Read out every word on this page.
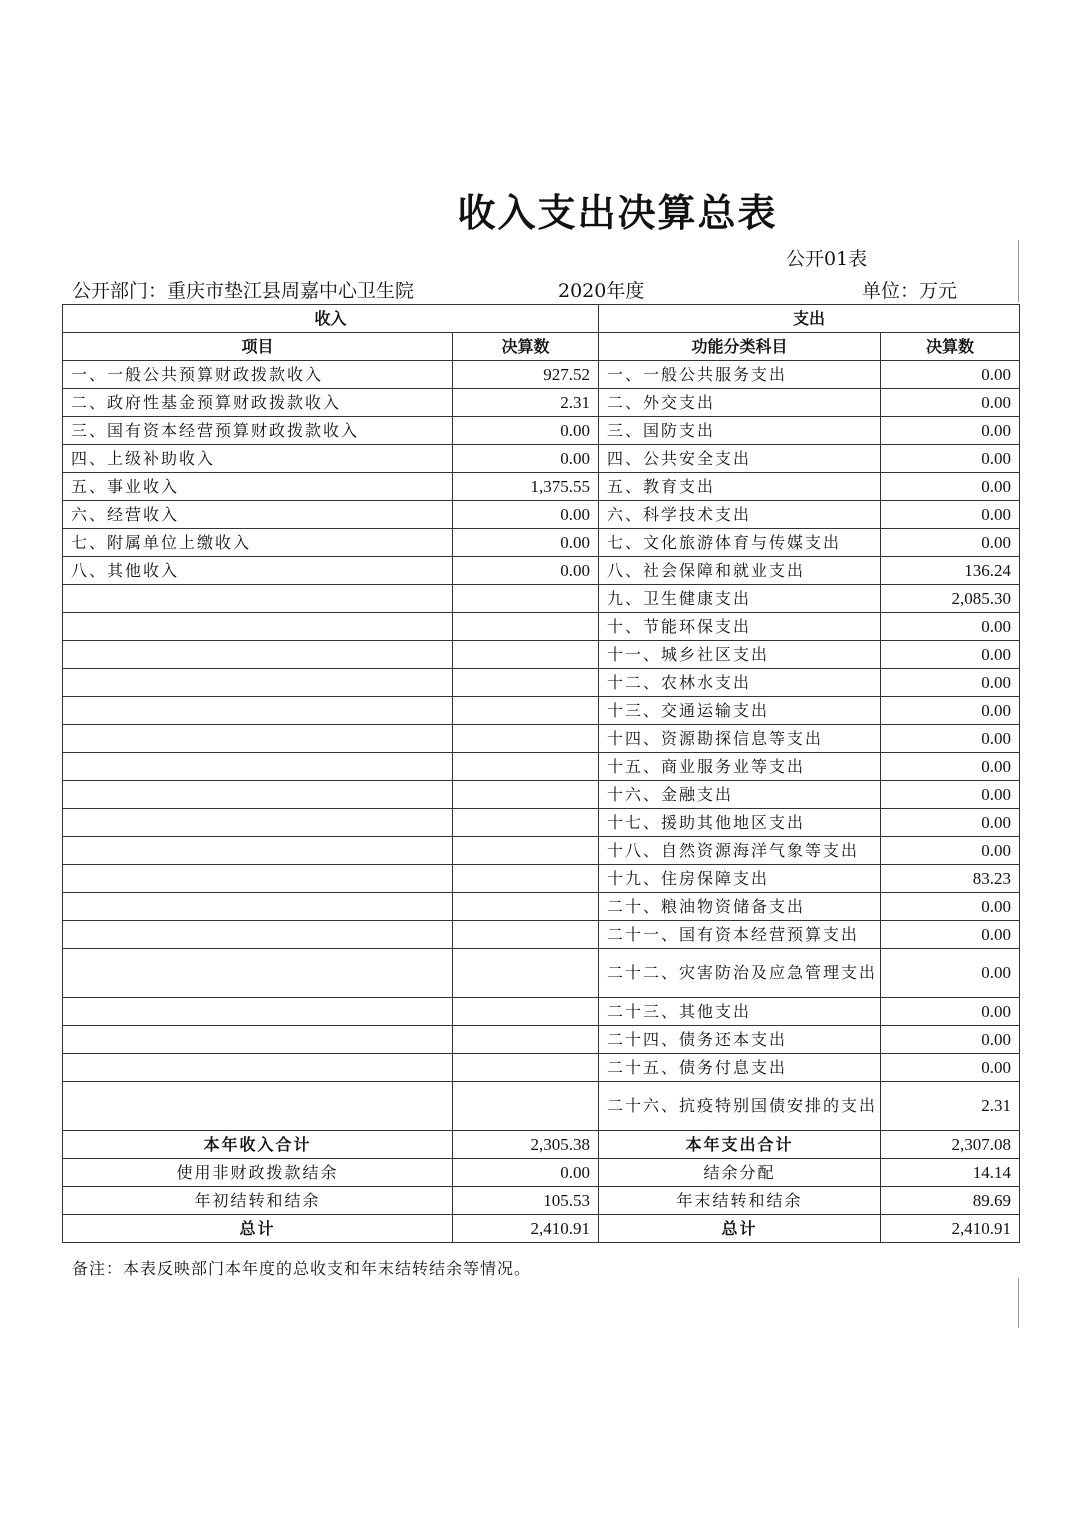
收入支出决算总表
公开01表
公开部门：重庆市垫江县周嘉中心卫生院	2020年度	单位：万元
收入		支出	
项目	决算数	功能分类科目	决算数
一、一般公共预算财政拨款收入	927.52	一、一般公共服务支出	0.00
二、政府性基金预算财政拨款收入	2.31	二、外交支出	0.00
三、国有资本经营预算财政拨款收入	0.00	三、国防支出	0.00
四、上级补助收入	0.00	四、公共安全支出	0.00
五、事业收入	1,375.55	五、教育支出	0.00
六、经营收入	0.00	六、科学技术支出	0.00
七、附属单位上缴收入	0.00	七、文化旅游体育与传媒支出	0.00
八、其他收入	0.00	八、社会保障和就业支出	136.24
		九、卫生健康支出	2,085.30
		十、节能环保支出	0.00
		十一、城乡社区支出	0.00
		十二、农林水支出	0.00
		十三、交通运输支出	0.00
		十四、资源勘探信息等支出	0.00
		十五、商业服务业等支出	0.00
		十六、金融支出	0.00
		十七、援助其他地区支出	0.00
		十八、自然资源海洋气象等支出	0.00
		十九、住房保障支出	83.23
		二十、粮油物资储备支出	0.00
		二十一、国有资本经营预算支出	0.00
		二十二、灾害防治及应急管理支出	0.00
		二十三、其他支出	0.00
		二十四、债务还本支出	0.00
		二十五、债务付息支出	0.00
		二十六、抗疫特别国债安排的支出	2.31
本年收入合计	2,305.38	本年支出合计	2,307.08
使用非财政拨款结余	0.00	结余分配	14.14
年初结转和结余	105.53	年末结转和结余	89.69
总计	2,410.91	总计	2,410.91
备注：本表反映部门本年度的总收支和年末结转结余等情况。
